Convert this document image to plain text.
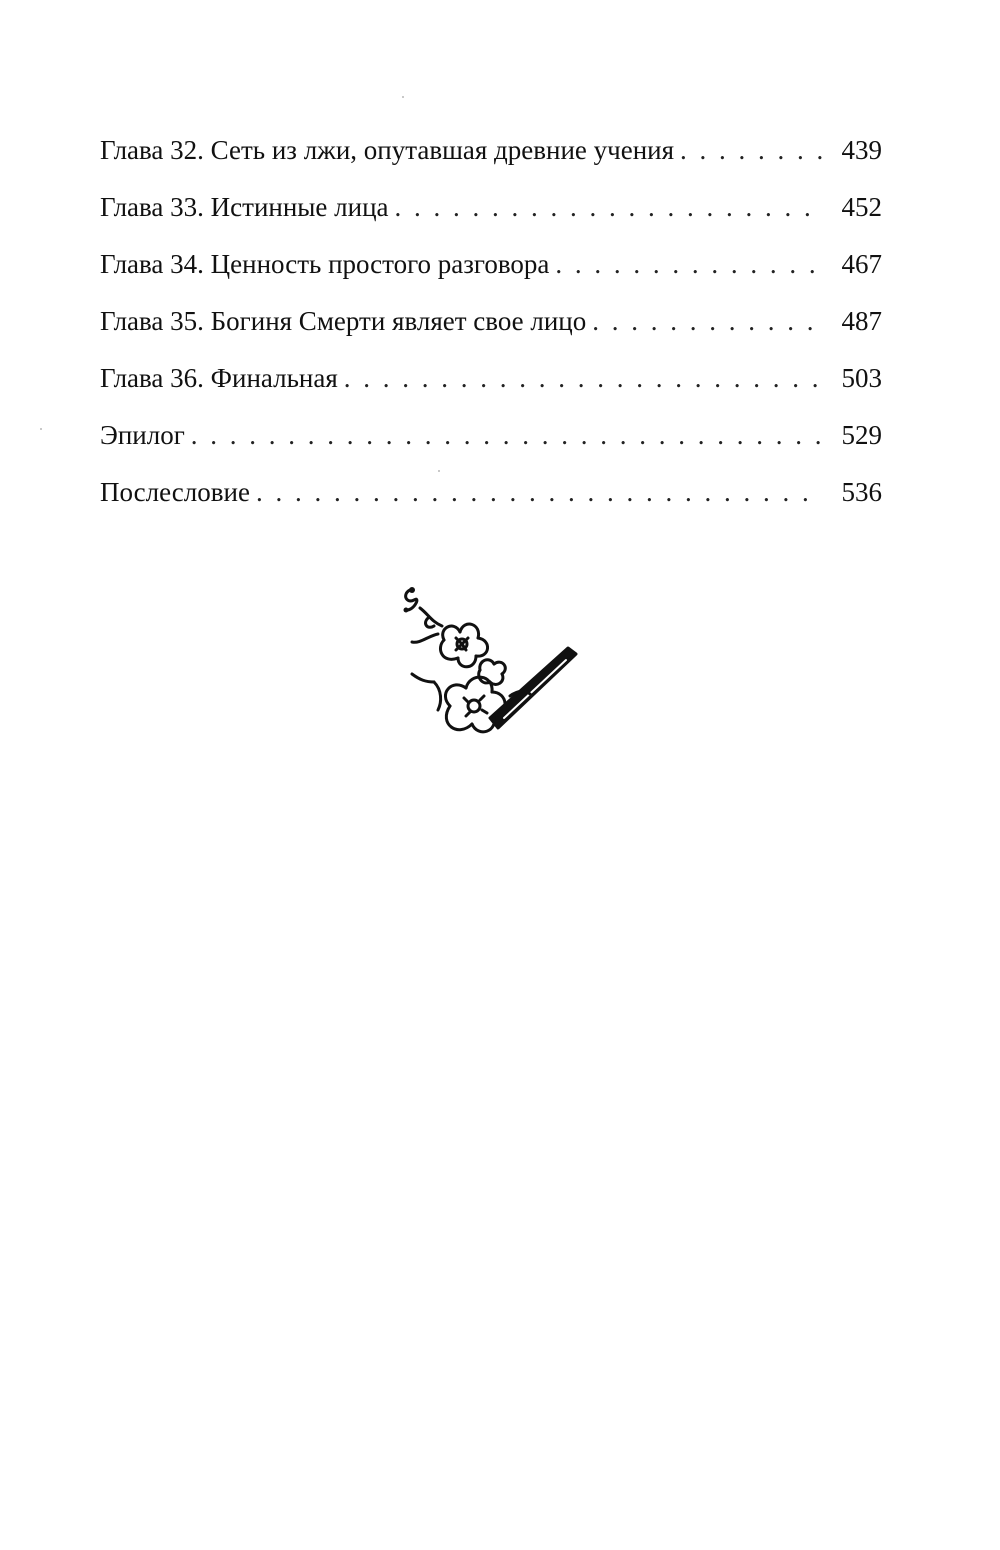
Глава 32. Сеть из лжи, опутавшая древние учения . . .	439
Глава 33. Истинные лица . . .	452
Глава 34. Ценность простого разговора . . .	467
Глава 35. Богиня Смерти являет свое лицо . . .	487
Глава 36. Финальная . . .	503
Эпилог . . .	529
Послесловие . . .	536
